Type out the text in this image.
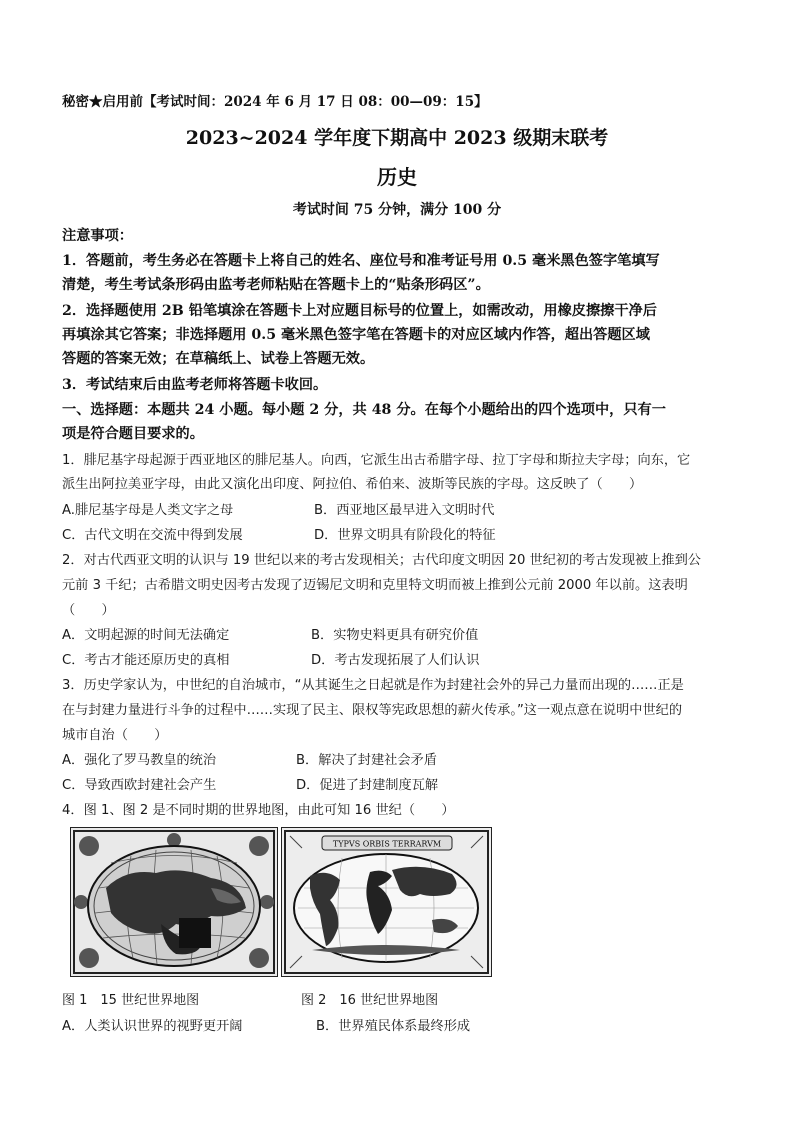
秘密★启用前【考试时间：2024 年 6 月 17 日 08：00—09：15】
2023~2024 学年度下期高中 2023 级期末联考
历史
考试时间 75 分钟，满分 100 分
注意事项：
1．答题前，考生务必在答题卡上将自己的姓名、座位号和准考证号用 0.5 毫米黑色签字笔填写
清楚，考生考试条形码由监考老师粘贴在答题卡上的“贴条形码区”。
2．选择题使用 2B 铅笔填涂在答题卡上对应题目标号的位置上，如需改动，用橡皮擦擦干净后
再填涂其它答案；非选择题用 0.5 毫米黑色签字笔在答题卡的对应区域内作答，超出答题区域
答题的答案无效；在草稿纸上、试卷上答题无效。
3．考试结束后由监考老师将答题卡收回。
一、选择题：本题共 24 小题。每小题 2 分，共 48 分。在每个小题给出的四个选项中，只有一
项是符合题目要求的。
1．腓尼基字母起源于西亚地区的腓尼基人。向西，它派生出古希腊字母、拉丁字母和斯拉夫字母；向东，它
派生出阿拉美亚字母，由此又演化出印度、阿拉伯、希伯来、波斯等民族的字母。这反映了（　　）
A.腓尼基字母是人类文字之母	B．西亚地区最早进入文明时代
C．古代文明在交流中得到发展	D．世界文明具有阶段化的特征
2．对古代西亚文明的认识与 19 世纪以来的考古发现相关；古代印度文明因 20 世纪初的考古发现被上推到公
元前 3 千纪；古希腊文明史因考古发现了迈锡尼文明和克里特文明而被上推到公元前 2000 年以前。这表明
（　　）
A．文明起源的时间无法确定	B．实物史料更具有研究价值
C．考古才能还原历史的真相	D．考古发现拓展了人们认识
3．历史学家认为，中世纪的自治城市，“从其诞生之日起就是作为封建社会外的异己力量而出现的……正是
在与封建力量进行斗争的过程中……实现了民主、限权等宪政思想的薪火传承。”这一观点意在说明中世纪的
城市自治（　　）
A．强化了罗马教皇的统治	B．解决了封建社会矛盾
C．导致西欧封建社会产生	D．促进了封建制度瓦解
4．图 1、图 2 是不同时期的世界地图，由此可知 16 世纪（　　）
TYPVS ORBIS TERRARVM
图 1　15 世纪世界地图	图 2　16 世纪世界地图
A．人类认识世界的视野更开阔	B．世界殖民体系最终形成
